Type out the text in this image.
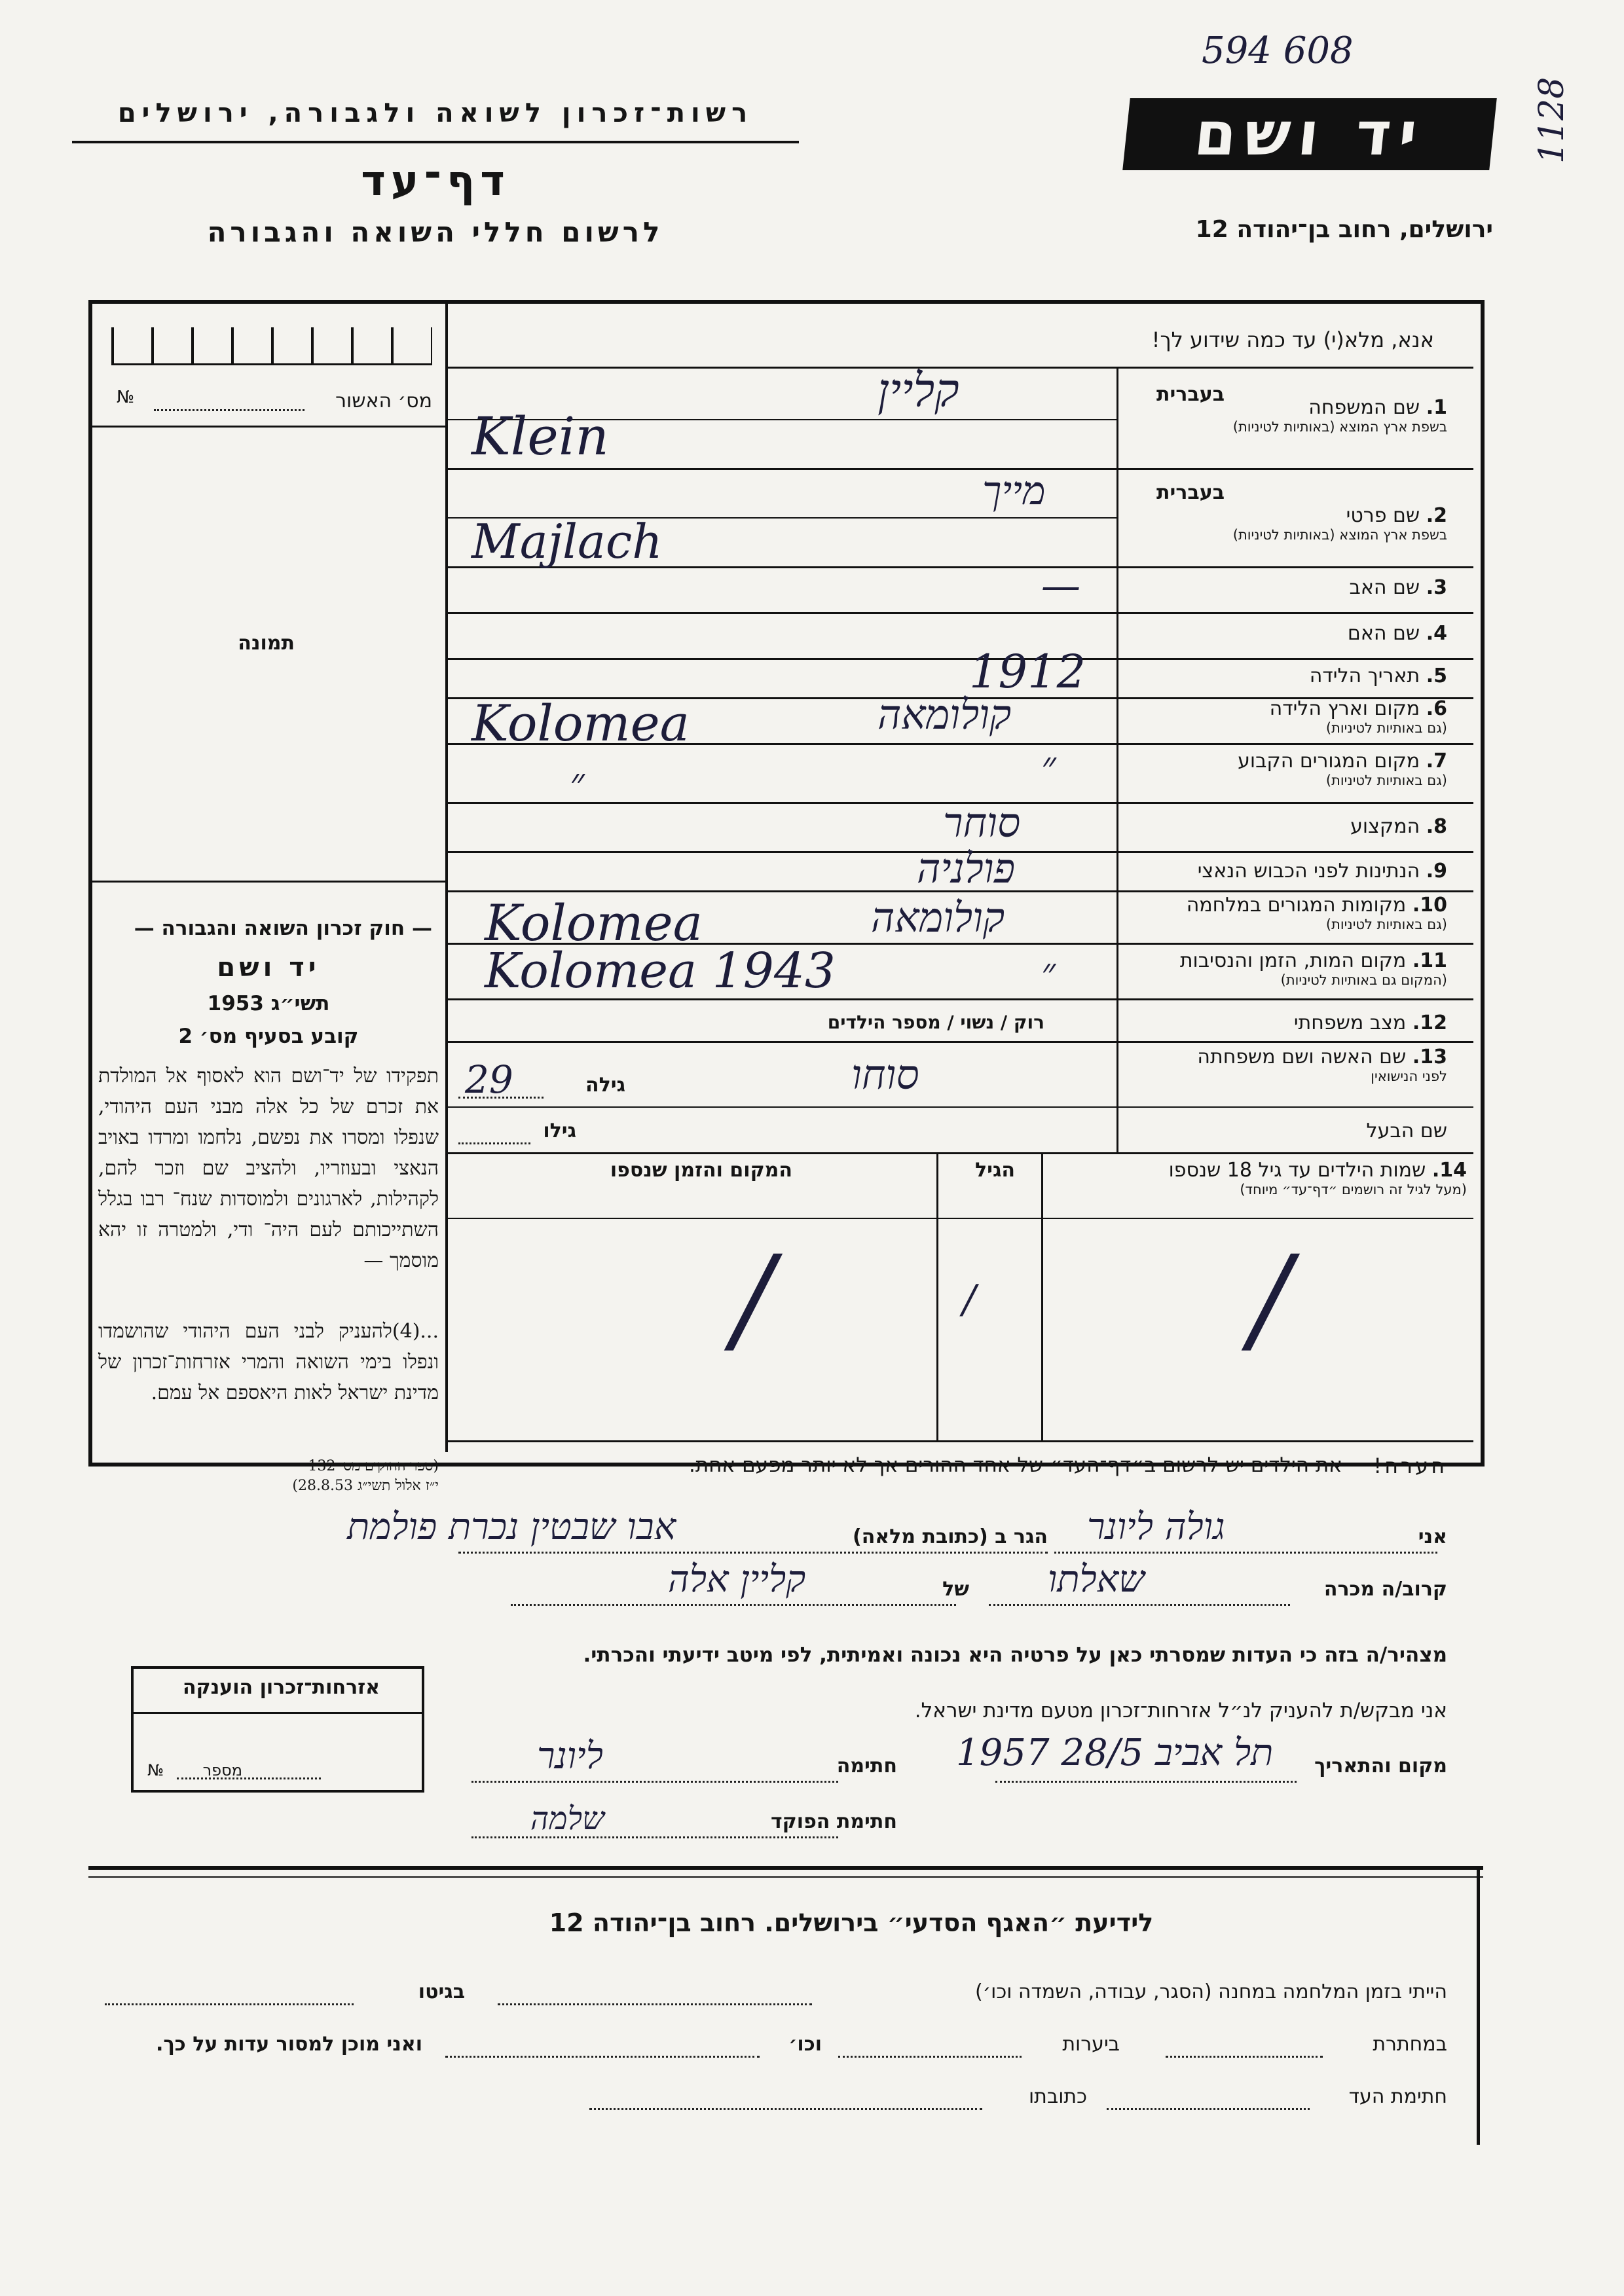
594 608
1128
יד ושם
רשות־זכרון לשואה ולגבורה, ירושלים
דף־עד
לרשום חללי השואה והגבורה	ירושלים, רחוב בן־יהודה 12
מס׳ האשור
№
תמונה
— חוק זכרון השואה והגבורה —
יד ושם
תשי״ג 1953
קובע בסעיף מס׳ 2
תפקידו של יד־ושם הוא לאסוף אל המולדת את זכרם של כל אלה מבני העם היהודי, שנפלו ומסרו את נפשם, נלחמו ומרדו באויב הנאצי ובעוזריו, ולהציב שם וזכר להם, לקהילות, לארגונים ולמוסדות שנח־ רבו בגלל השתייכותם לעם היה־ ודי, ולמטרה זו יהא מוסמך —
...(4)להעניק לבני העם היהודי שהושמדו ונפלו בימי השואה והמרי אזרחות־זכרון של מדינת ישראל לאות היאספם אל עמם.
(ספר החוקים מס׳ 132
י״ז אלול תשי״ג 28.8.53)
אנא, מלא(י) עד כמה שידוע לך!
1. שם המשפחה
בשפת ארץ המוצא (באותיות לטיניות)
בעברית
קליין
Klein
2. שם פרטי
בשפת ארץ המוצא (באותיות לטיניות)
בעברית
מייך
Majlach
3. שם האב
—
4. שם האם
5. תאריך הלידה
1912
6. מקום וארץ הלידה
(גם באותיות לטיניות)
קולומאה
Kolomea
7. מקום המגורים הקבוע
(גם באותיות לטיניות)
״
״
8. המקצוע
סוחר
9. הנתינות לפני הכבוש הנאצי
פולניה
10. מקומות המגורים במלחמה
(גם באותיות לטיניות)
קולומאה
Kolomea
11. מקום המות, הזמן והנסיבות
(המקום גם באותיות לטיניות)
״
Kolomea 1943
12. מצב משפחתי
רוק / נשוי / מספר הילדים
13. שם האשה ושם משפחתה
לפני הנישואין
סוחו
גילה
29
שם הבעל
גילו
14. שמות הילדים עד גיל 18 שנספו
(מעל לגיל זה רושמים ״דף־עד״ מיוחד)
הגיל
המקום והזמן שנספו
/
/
/
הערה!
את הילדים יש לרשום ב״דף־העד״ של אחד ההורים אך לא יותר מפעם אחת.
אני
גולה ליונר
הגר ב (כתובת מלאה)
אבו שבטין נכרת פולמת
קרוב/ה מכרה
שאלתו
של
קליין אלה
מצהיר/ה בזה כי העדות שמסרתי כאן על פרטיה היא נכונה ואמיתית, לפי מיטב ידיעתי והכרתי.
אזרחות־זכרון הוענקה
מספר
№
אני מבקש/ת להעניק לנ״ל אזרחות־זכרון מטעם מדינת ישראל.
מקום והתאריך
תל אביב 28/5 1957
חתימה
ליונר
חתימת הפוקד
שלמה
לידיעת ״האגף הסדעי״ בירושלים. רחוב בן־יהודה 12
הייתי בזמן המלחמה במחנה (הסגר, עבודה, השמדה וכו׳)
בגיטו
במחתרת
ביערות
וכו׳
ואני מוכן למסור עדות על כך.
חתימת העד
כתובתו
